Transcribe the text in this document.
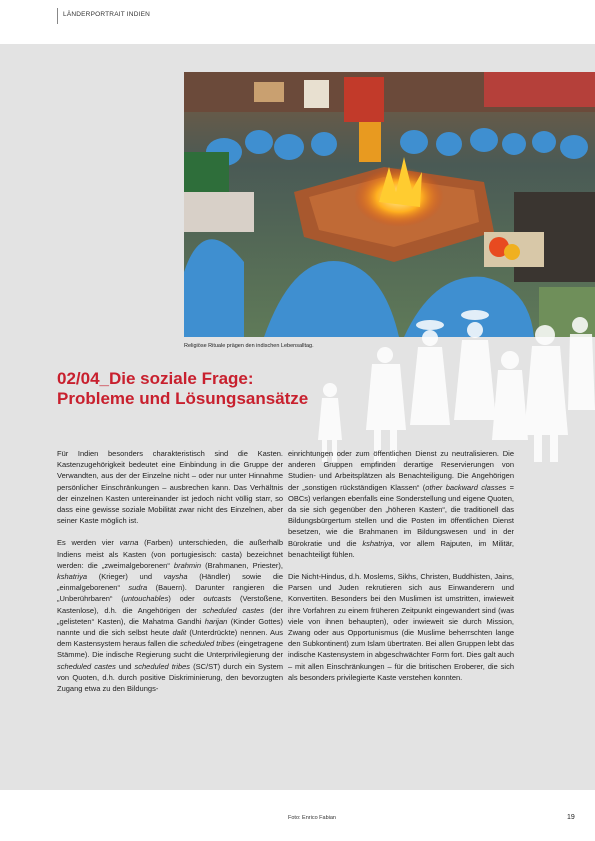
LÄNDERPORTRAIT INDIEN
Religiöse Rituale prägen den indischen Lebensalltag.
02/04_Die soziale Frage:
Probleme und Lösungsansätze

Für Indien besonders charakteristisch sind die Kasten. Kastenzugehörigkeit bedeutet eine Einbindung in die Gruppe der Verwandten, aus der der Einzelne nicht – oder nur unter Hinnahme persönlicher Einschränkungen – ausbrechen kann. Das Verhältnis der einzelnen Kasten untereinander ist jedoch nicht völlig starr, so dass eine gewisse soziale Mobilität zwar nicht des Einzelnen, aber seiner Kaste möglich ist.

Es werden vier varna (Farben) unterschieden, die außerhalb Indiens meist als Kasten (von portugiesisch: casta) bezeichnet werden: die „zweimalgeborenen“ brahmin (Brahmanen, Priester), kshatriya (Krieger) und vaysha (Händler) sowie die „einmalgeborenen“ sudra (Bauern). Darunter rangieren die „Unberührbaren“ (untouchables) oder outcasts (Verstoßene, Kastenlose), d.h. die Angehörigen der scheduled castes (der „gelisteten“ Kasten), die Mahatma Gandhi harijan (Kinder Gottes) nannte und die sich selbst heute dalit (Unterdrückte) nennen. Aus dem Kastensystem heraus fallen die scheduled tribes (eingetragene Stämme). Die indische Regierung sucht die Unterprivilegierung der scheduled castes und scheduled tribes (SC/ST) durch ein System von Quoten, d.h. durch positive Diskriminierung, den bevorzugten Zugang etwa zu den Bildungs-

einrichtungen oder zum öffentlichen Dienst zu neutralisieren. Die anderen Gruppen empfinden derartige Reservierungen von Studien- und Arbeitsplätzen als Benachteiligung. Die Angehörigen der „sonstigen rückständigen Klassen“ (other backward classes = OBCs) verlangen ebenfalls eine Sonderstellung und eigene Quoten, da sie sich gegenüber den „höheren Kasten“, die traditionell das Bildungsbürgertum stellen und die Posten im öffentlichen Dienst besetzen, wie die Brahmanen im Bildungswesen und in der Bürokratie und die kshatriya, vor allem Rajputen, im Militär, benachteiligt fühlen.

Die Nicht-Hindus, d.h. Moslems, Sikhs, Christen, Buddhisten, Jains, Parsen und Juden rekrutieren sich aus Einwanderern und Konvertiten. Besonders bei den Muslimen ist umstritten, inwieweit ihre Vorfahren zu einem früheren Zeitpunkt eingewandert sind (was viele von ihnen behaupten), oder inwieweit sie durch Mission, Zwang oder aus Opportunismus (die Muslime beherrschten lange den Subkontinent) zum Islam übertraten. Bei allen Gruppen lebt das indische Kastensystem in abgeschwächter Form fort. Dies galt auch – mit allen Einschränkungen – für die britischen Eroberer, die sich als besonders privilegierte Kaste verstehen konnten.

Foto: Enrico Fabian	19
